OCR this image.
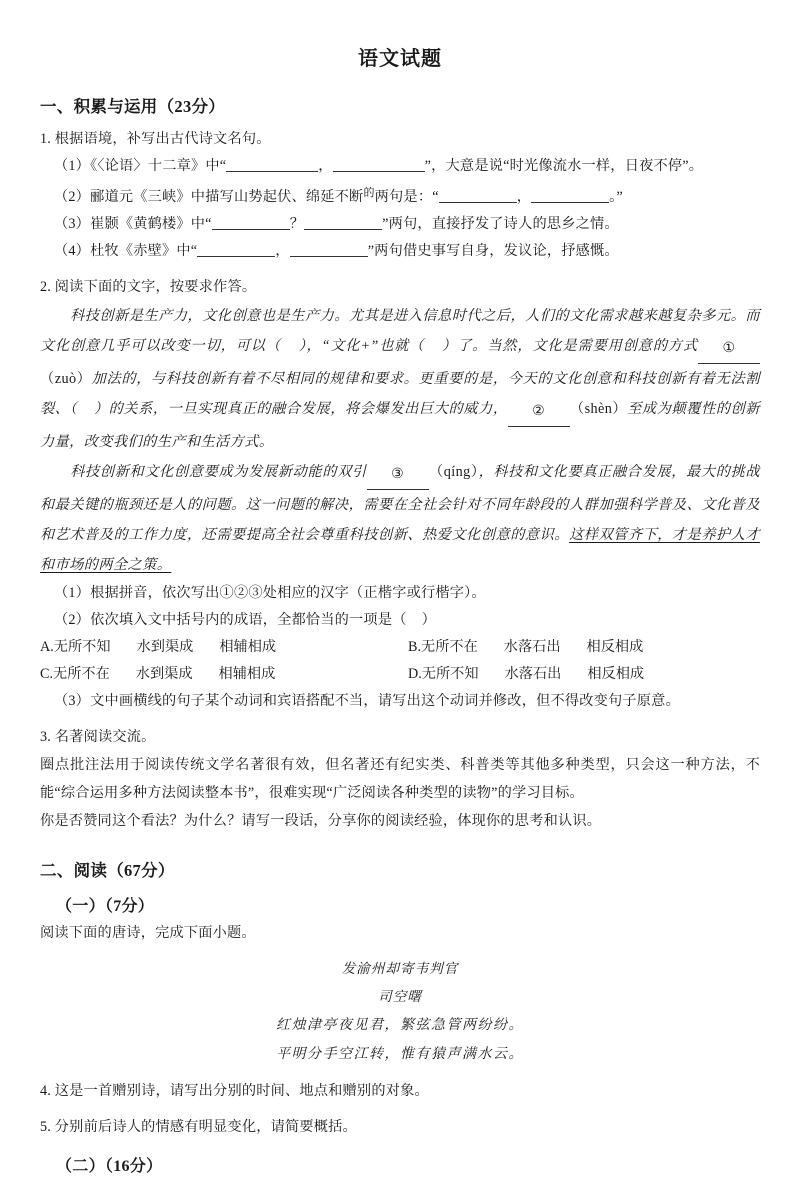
语文试题
一、积累与运用（23分）
1. 根据语境，补写出古代诗文名句。
（1）《〈论语〉十二章》中“	，	”，大意是说“时光像流水一样，日夜不停”。
（2）郦道元《三峡》中描写山势起伏、绵延不断的两句是：“	，	。”
（3）崔颢《黄鹤楼》中“	？	”两句，直接抒发了诗人的思乡之情。
（4）杜牧《赤壁》中“	，	”两句借史事写自身，发议论，抒感慨。
2. 阅读下面的文字，按要求作答。
科技创新是生产力，文化创意也是生产力。尤其是进入信息时代之后，人们的文化需求越来越复杂多元。而文化创意几乎可以改变一切，可以（ ），“文化+”也就（ ）了。当然，文化是需要用创意的方式 ①（zuò）加法的，与科技创新有着不尽相同的规律和要求。更重要的是，今天的文化创意和科技创新有着无法割裂、（ ）的关系，一旦实现真正的融合发展，将会爆发出巨大的威力， ② （shèn）至成为颠覆性的创新力量，改变我们的生产和生活方式。
科技创新和文化创意要成为发展新动能的双引 ③ （qíng），科技和文化要真正融合发展，最大的挑战和最关键的瓶颈还是人的问题。这一问题的解决，需要在全社会针对不同年龄段的人群加强科学普及、文化普及和艺术普及的工作力度，还需要提高全社会尊重科技创新、热爱文化创意的意识。这样双管齐下，才是养护人才和市场的两全之策。
（1）根据拼音，依次写出①②③处相应的汉字（正楷字或行楷字）。
（2）依次填入文中括号内的成语，全都恰当的一项是（ ）
A.无所不知 水到渠成 相辅相成	B.无所不在 水落石出 相反相成
C.无所不在 水到渠成 相辅相成	D.无所不知 水落石出 相反相成
（3）文中画横线的句子某个动词和宾语搭配不当，请写出这个动词并修改，但不得改变句子原意。
3. 名著阅读交流。
圈点批注法用于阅读传统文学名著很有效，但名著还有纪实类、科普类等其他多种类型，只会这一种方法，不能“综合运用多种方法阅读整本书”，很难实现“广泛阅读各种类型的读物”的学习目标。
你是否赞同这个看法？为什么？请写一段话，分享你的阅读经验，体现你的思考和认识。
二、阅读（67分）
（一）（7分）
阅读下面的唐诗，完成下面小题。
发渝州却寄韦判官
司空曙
红烛津亭夜见君，繁弦急管两纷纷。
平明分手空江转，惟有猿声满水云。
4. 这是一首赠别诗，请写出分别的时间、地点和赠别的对象。
5. 分别前后诗人的情感有明显变化，请简要概括。
（二）（16分）
